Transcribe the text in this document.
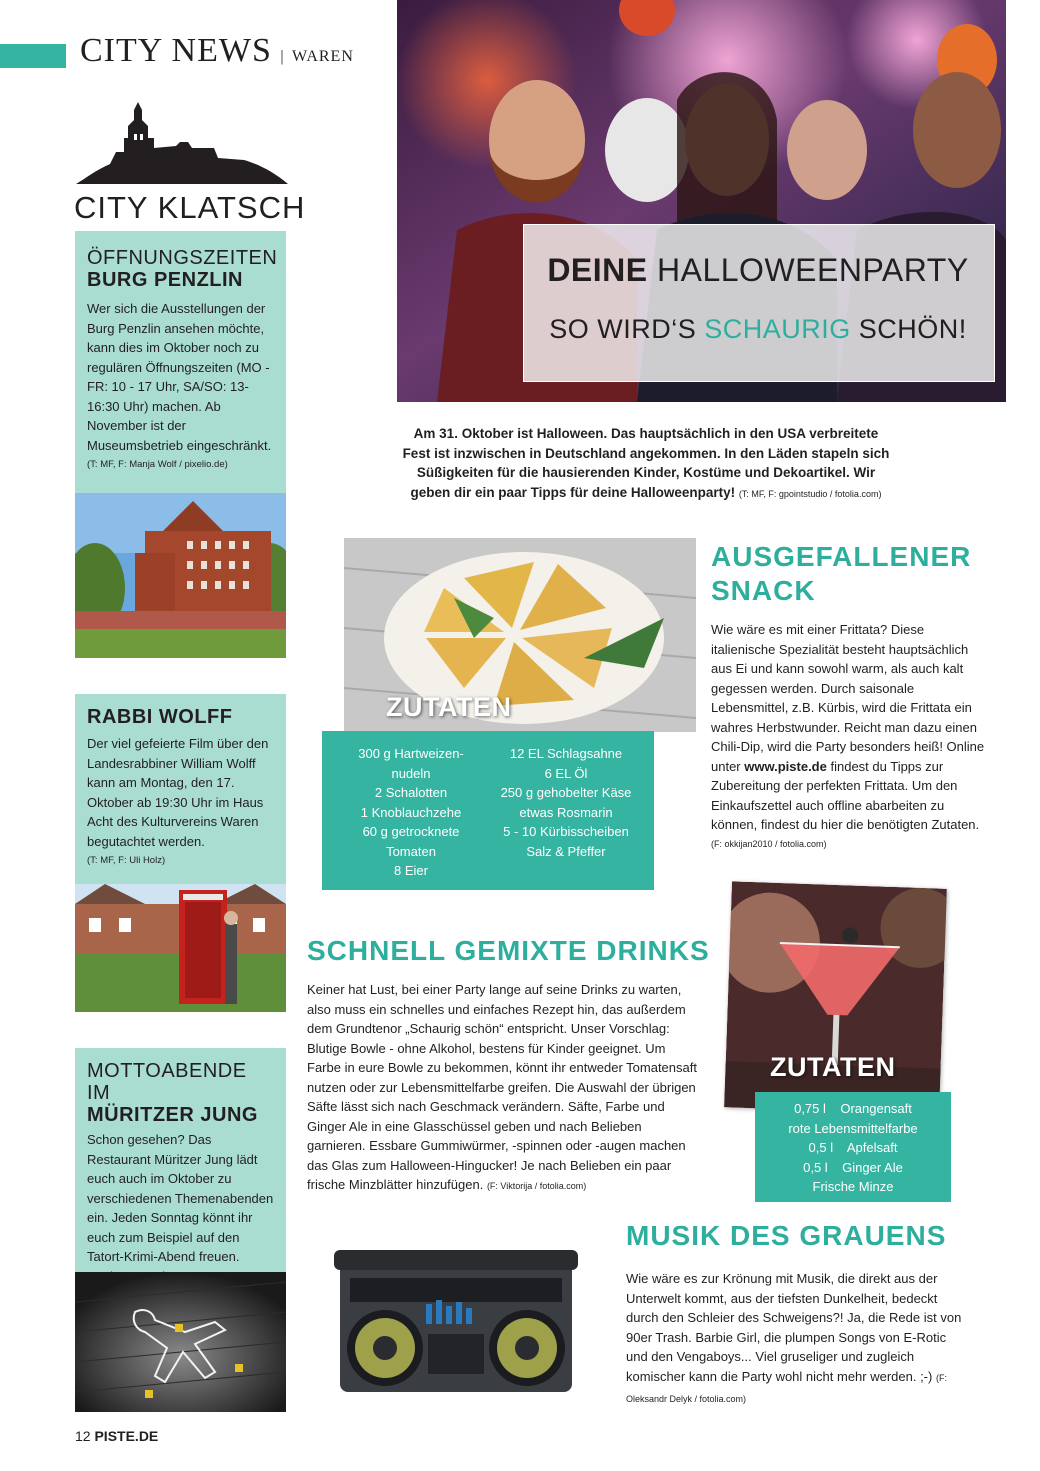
CITY NEWS | WAREN
CITY KLATSCH
ÖFFNUNGSZEITEN
BURG PENZLIN

Wer sich die Ausstellungen der Burg Penzlin ansehen möchte, kann dies im Oktober noch zu regulären Öffnungszeiten (MO - FR: 10 - 17 Uhr, SA/SO: 13-16:30 Uhr) machen. Ab November ist der Museumsbetrieb eingeschränkt.

(T: MF, F: Manja Wolf / pixelio.de)

RABBI WOLFF

Der viel gefeierte Film über den Landesrabbiner William Wolff kann am Montag, den 17. Oktober ab 19:30 Uhr im Haus Acht des Kulturvereins Waren begutachtet werden.

(T: MF, F: Uli Holz)

MOTTOABENDE IM
MÜRITZER JUNG

Schon gesehen? Das Restaurant Müritzer Jung lädt euch auch im Oktober zu verschiedenen Themenabenden ein. Jeden Sonntag könnt ihr euch zum Beispiel auf den Tatort-Krimi-Abend freuen.

DEINE HALLOWEENPARTY
SO WIRD‘S SCHAURIG SCHÖN!
Am 31. Oktober ist Halloween. Das hauptsächlich in den USA verbreitete Fest ist inzwischen in Deutschland angekommen. In den Läden stapeln sich Süßigkeiten für die hausierenden Kinder, Kostüme und Dekoartikel. Wir geben dir ein paar Tipps für deine Halloweenparty! (T: MF, F: gpointstudio / fotolia.com)
ZUTATEN
300 g Hartweizen-
nudeln
2 Schalotten
1 Knoblauchzehe
60 g getrocknete
Tomaten
8 Eier
12 EL Schlagsahne
6 EL Öl
250 g gehobelter Käse
etwas Rosmarin
5 - 10 Kürbisscheiben
Salz & Pfeffer
AUSGEFALLENER
SNACK
Wie wäre es mit einer Frittata? Diese italienische Spezialität besteht hauptsächlich aus Ei und kann sowohl warm, als auch kalt gegessen werden. Durch saisonale Lebensmittel, z.B. Kürbis, wird die Frittata ein wahres Herbstwunder. Reicht man dazu einen Chili-Dip, wird die Party besonders heiß! Online unter www.piste.de findest du Tipps zur Zubereitung der perfekten Frittata. Um den Einkaufszettel auch offline abarbeiten zu können, findest du hier die benötigten Zutaten.
(F: okkijan2010 / fotolia.com)
SCHNELL GEMIXTE DRINKS
Keiner hat Lust, bei einer Party lange auf seine Drinks zu warten, also muss ein schnelles und einfaches Rezept hin, das außerdem dem Grundtenor „Schaurig schön“ entspricht. Unser Vorschlag: Blutige Bowle - ohne Alkohol, bestens für Kinder geeignet. Um Farbe in eure Bowle zu bekommen, könnt ihr entweder Tomatensaft nutzen oder zur Lebensmittelfarbe greifen. Die Auswahl der übrigen Säfte lässt sich nach Geschmack verändern. Säfte, Farbe und Ginger Ale in eine Glasschüssel geben und nach Belieben garnieren. Essbare Gummiwürmer, -spinnen oder -augen machen das Glas zum Halloween-Hingucker! Je nach Belieben ein paar frische Minzblätter hinzufügen. (F: Viktorija / fotolia.com)
ZUTATEN
0,75 l    Orangensaft
rote Lebensmittelfarbe
0,5 l    Apfelsaft
0,5 l    Ginger Ale
Frische Minze
MUSIK DES GRAUENS
Wie wäre es zur Krönung mit Musik, die direkt aus der Unterwelt kommt, aus der tiefsten Dunkelheit, bedeckt durch den Schleier des Schweigens?! Ja, die Rede ist von 90er Trash. Barbie Girl, die plumpen Songs von E-Rotic und den Vengaboys... Viel gruseliger und zugleich komischer kann die Party wohl nicht mehr werden. ;-) (F: Oleksandr Delyk / fotolia.com)
12 PISTE.DE
